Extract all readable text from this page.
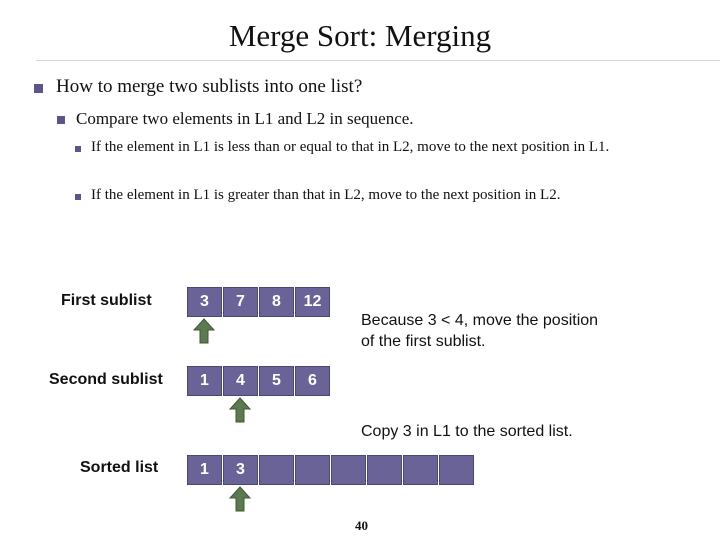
Merge Sort: Merging
How to merge two sublists into one list?
Compare two elements in L1 and L2 in sequence.
If the element in L1 is less than or equal to that in L2, move to the next position in L1.
If the element in L1 is greater than that in L2, move to the next position in L2.
First sublist
Second sublist
Sorted list
3	7	8	12
1	4	5	6
1	3
Because 3 < 4, move the position of the first sublist.
Copy 3 in L1 to the sorted list.
40
